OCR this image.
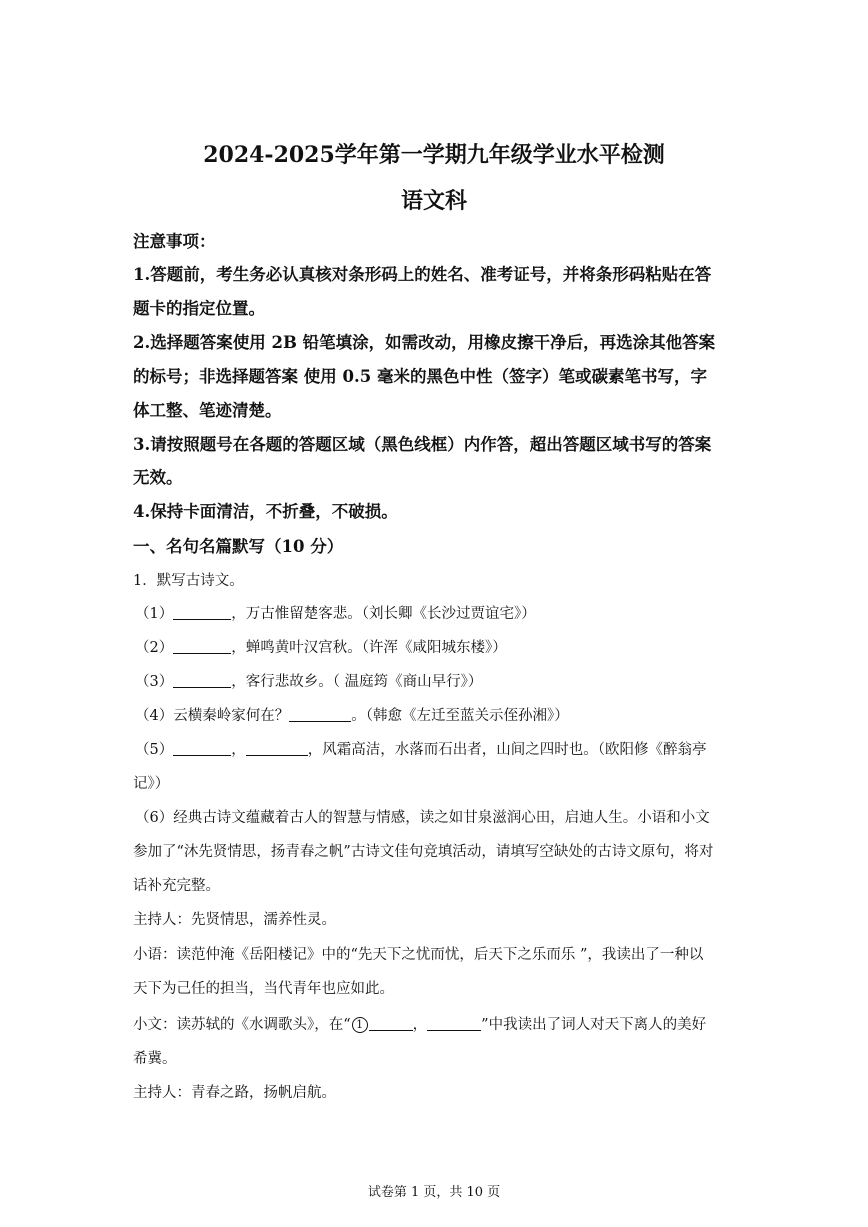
2024-2025学年第一学期九年级学业水平检测
语文科
注意事项：
1.答题前，考生务必认真核对条形码上的姓名、准考证号，并将条形码粘贴在答
题卡的指定位置。
2.选择题答案使用 2B 铅笔填涂，如需改动，用橡皮擦干净后，再选涂其他答案
的标号；非选择题答案 使用 0.5 毫米的黑色中性（签字）笔或碳素笔书写，字
体工整、笔迹清楚。
3.请按照题号在各题的答题区域（黑色线框）内作答，超出答题区域书写的答案
无效。
4.保持卡面清洁，不折叠，不破损。
一、名句名篇默写（10 分）
1．默写古诗文。
（1）	，万古惟留楚客悲。（刘长卿《长沙过贾谊宅》）
（2）	，蝉鸣黄叶汉宫秋。（许浑《咸阳城东楼》）
（3）	，客行悲故乡。（ 温庭筠《商山早行》）
（4）云横秦岭家何在？	。（韩愈《左迁至蓝关示侄孙湘》）
（5）	，	，风霜高洁，水落而石出者，山间之四时也。（欧阳修《醉翁亭
记》）
（6）经典古诗文蕴藏着古人的智慧与情感，读之如甘泉滋润心田，启迪人生。小语和小文
参加了“沐先贤情思，扬青春之帆”古诗文佳句竞填活动，请填写空缺处的古诗文原句，将对
话补充完整。
主持人：先贤情思，濡养性灵。
小语：读范仲淹《岳阳楼记》中的“先天下之忧而忧，后天下之乐而乐 ”，我读出了一种以
天下为己任的担当，当代青年也应如此。
小文：读苏轼的《水调歌头》，在“ 1	，	”中我读出了词人对天下离人的美好
希冀。
主持人：青春之路，扬帆启航。
试卷第 1 页，共 10 页
